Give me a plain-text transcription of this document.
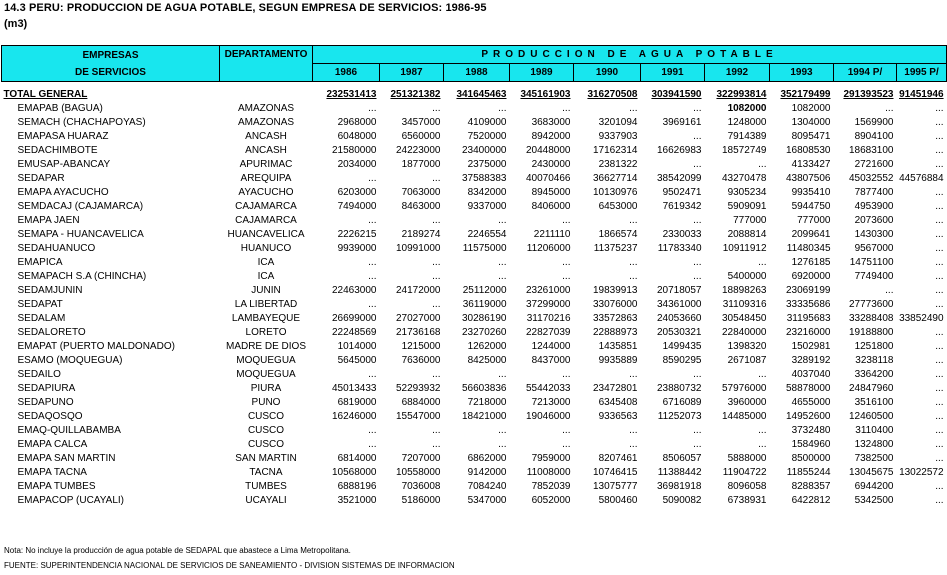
14.3 PERU: PRODUCCION DE AGUA POTABLE, SEGUN EMPRESA DE SERVICIOS: 1986-95
(m3)
EMPRESAS
DE SERVICIOS	DEPARTAMENTO	PRODUCCION DE AGUA POTABLE									
		1986	1987	1988	1989	1990	1991	1992	1993	1994 P/	1995 P/

TOTAL GENERAL		232531413	251321382	341645463	345161903	316270508	303941590	322993814	352179499	291393523	91451946
EMAPAB (BAGUA)	AMAZONAS	...	...	...	...	...	...	1082000	1082000	...	...
SEMACH (CHACHAPOYAS)	AMAZONAS	2968000	3457000	4109000	3683000	3201094	3969161	1248000	1304000	1569900	...
EMAPASA HUARAZ	ANCASH	6048000	6560000	7520000	8942000	9337903	...	7914389	8095471	8904100	...
SEDACHIMBOTE	ANCASH	21580000	24223000	23400000	20448000	17162314	16626983	18572749	16808530	18683100	...
EMUSAP-ABANCAY	APURIMAC	2034000	1877000	2375000	2430000	2381322	...	...	4133427	2721600	...
SEDAPAR	AREQUIPA	...	...	37588383	40070466	36627714	38542099	43270478	43807506	45032552	44576884
EMAPA AYACUCHO	AYACUCHO	6203000	7063000	8342000	8945000	10130976	9502471	9305234	9935410	7877400	...
SEMDACAJ (CAJAMARCA)	CAJAMARCA	7494000	8463000	9337000	8406000	6453000	7619342	5909091	5944750	4953900	...
EMAPA JAEN	CAJAMARCA	...	...	...	...	...	...	777000	777000	2073600	...
SEMAPA - HUANCAVELICA	HUANCAVELICA	2226215	2189274	2246554	2211110	1866574	2330033	2088814	2099641	1430300	...
SEDAHUANUCO	HUANUCO	9939000	10991000	11575000	11206000	11375237	11783340	10911912	11480345	9567000	...
EMAPICA	ICA	...	...	...	...	...	...	...	1276185	14751100	...
SEMAPACH S.A (CHINCHA)	ICA	...	...	...	...	...	...	5400000	6920000	7749400	...
SEDAMJUNIN	JUNIN	22463000	24172000	25112000	23261000	19839913	20718057	18898263	23069199	...	...
SEDAPAT	LA LIBERTAD	...	...	36119000	37299000	33076000	34361000	31109316	33335686	27773600	...
SEDALAM	LAMBAYEQUE	26699000	27027000	30286190	31170216	33572863	24053660	30548450	31195683	33288408	33852490
SEDALORETO	LORETO	22248569	21736168	23270260	22827039	22888973	20530321	22840000	23216000	19188800	...
EMAPAT (PUERTO MALDONADO)	MADRE DE DIOS	1014000	1215000	1262000	1244000	1435851	1499435	1398320	1502981	1251800	...
ESAMO (MOQUEGUA)	MOQUEGUA	5645000	7636000	8425000	8437000	9935889	8590295	2671087	3289192	3238118	...
SEDAILO	MOQUEGUA	...	...	...	...	...	...	...	4037040	3364200	...
SEDAPIURA	PIURA	45013433	52293932	56603836	55442033	23472801	23880732	57976000	58878000	24847960	...
SEDAPUNO	PUNO	6819000	6884000	7218000	7213000	6345408	6716089	3960000	4655000	3516100	...
SEDAQOSQO	CUSCO	16246000	15547000	18421000	19046000	9336563	11252073	14485000	14952600	12460500	...
EMAQ-QUILLABAMBA	CUSCO	...	...	...	...	...	...	...	3732480	3110400	...
EMAPA CALCA	CUSCO	...	...	...	...	...	...	...	1584960	1324800	...
EMAPA SAN MARTIN	SAN MARTIN	6814000	7207000	6862000	7959000	8207461	8506057	5888000	8500000	7382500	...
EMAPA TACNA	TACNA	10568000	10558000	9142000	11008000	10746415	11388442	11904722	11855244	13045675	13022572
EMAPA TUMBES	TUMBES	6888196	7036008	7084240	7852039	13075777	36981918	8096058	8288357	6944200	...
EMAPACOP (UCAYALI)	UCAYALI	3521000	5186000	5347000	6052000	5800460	5090082	6738931	6422812	5342500	...
Nota: No incluye la producción de agua potable de SEDAPAL que abastece a Lima Metropolitana.
FUENTE: SUPERINTENDENCIA NACIONAL DE SERVICIOS DE SANEAMIENTO - DIVISION SISTEMAS DE INFORMACION
